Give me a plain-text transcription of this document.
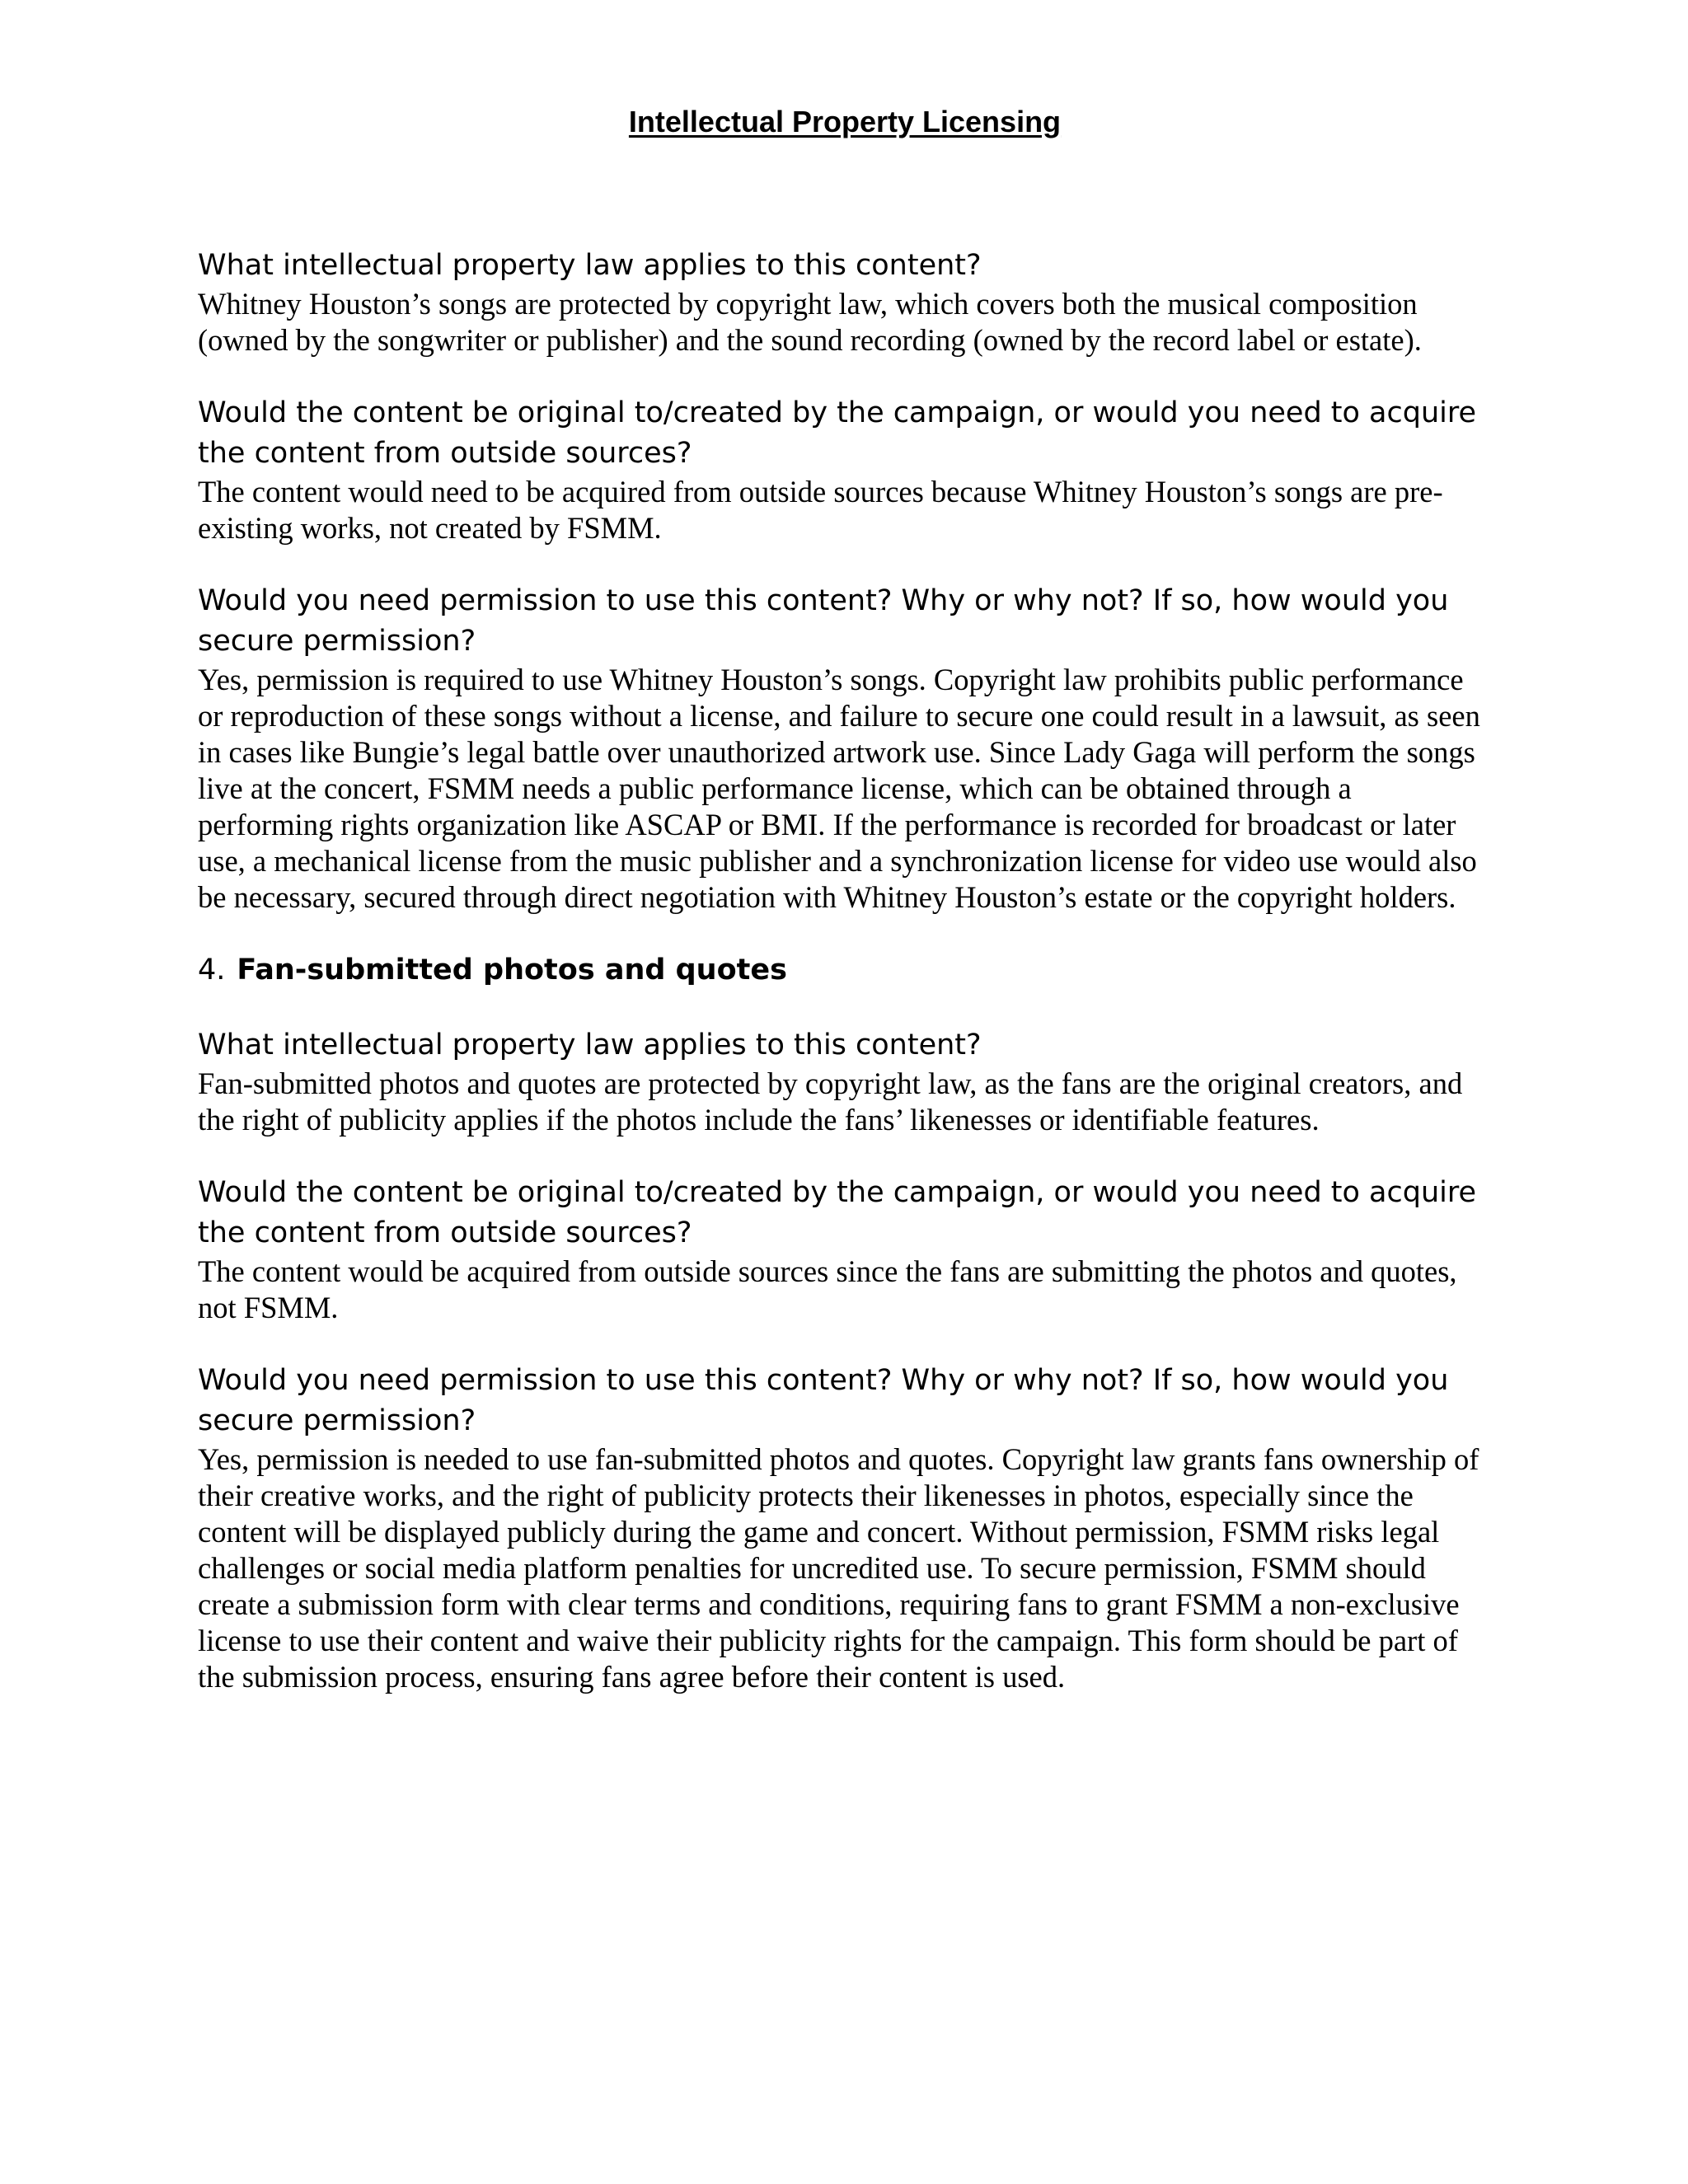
Intellectual Property Licensing

What intellectual property law applies to this content?

Whitney Houston’s songs are protected by copyright law, which covers both the musical composition (owned by the songwriter or publisher) and the sound recording (owned by the record label or estate).

Would the content be original to/created by the campaign, or would you need to acquire the content from outside sources?

The content would need to be acquired from outside sources because Whitney Houston’s songs are pre-existing works, not created by FSMM.

Would you need permission to use this content? Why or why not? If so, how would you secure permission?

Yes, permission is required to use Whitney Houston’s songs. Copyright law prohibits public performance or reproduction of these songs without a license, and failure to secure one could result in a lawsuit, as seen in cases like Bungie’s legal battle over unauthorized artwork use. Since Lady Gaga will perform the songs live at the concert, FSMM needs a public performance license, which can be obtained through a performing rights organization like ASCAP or BMI. If the performance is recorded for broadcast or later use, a mechanical license from the music publisher and a synchronization license for video use would also be necessary, secured through direct negotiation with Whitney Houston’s estate or the copyright holders.

4. Fan-submitted photos and quotes

What intellectual property law applies to this content?

Fan-submitted photos and quotes are protected by copyright law, as the fans are the original creators, and the right of publicity applies if the photos include the fans’ likenesses or identifiable features.

Would the content be original to/created by the campaign, or would you need to acquire the content from outside sources?

The content would be acquired from outside sources since the fans are submitting the photos and quotes, not FSMM.

Would you need permission to use this content? Why or why not? If so, how would you secure permission?

Yes, permission is needed to use fan-submitted photos and quotes. Copyright law grants fans ownership of their creative works, and the right of publicity protects their likenesses in photos, especially since the content will be displayed publicly during the game and concert. Without permission, FSMM risks legal challenges or social media platform penalties for uncredited use. To secure permission, FSMM should create a submission form with clear terms and conditions, requiring fans to grant FSMM a non-exclusive license to use their content and waive their publicity rights for the campaign. This form should be part of the submission process, ensuring fans agree before their content is used.
